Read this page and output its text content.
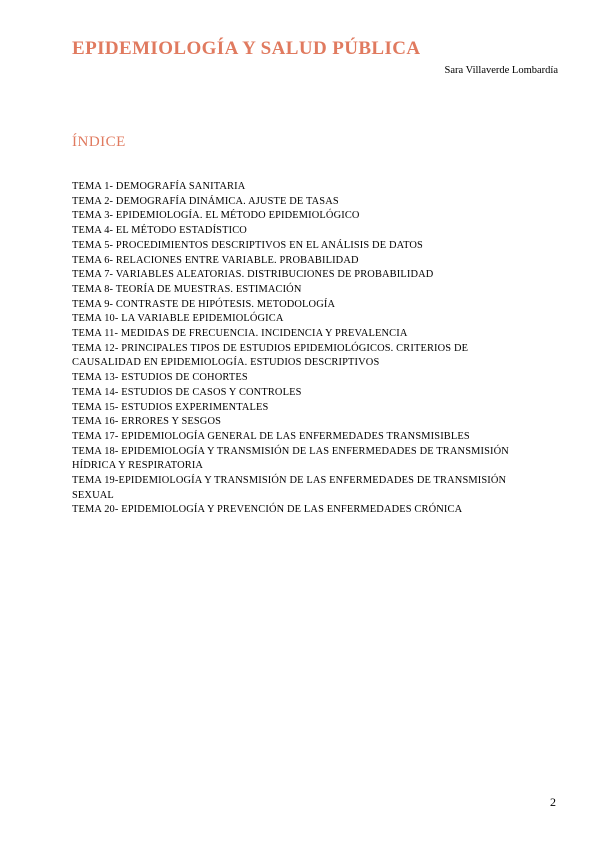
EPIDEMIOLOGÍA Y SALUD PÚBLICA
Sara Villaverde Lombardía
ÍNDICE
TEMA 1- DEMOGRAFÍA SANITARIA
TEMA 2- DEMOGRAFÍA DINÁMICA. AJUSTE DE TASAS
TEMA 3- EPIDEMIOLOGÍA. EL MÉTODO EPIDEMIOLÓGICO
TEMA 4- EL MÉTODO ESTADÍSTICO
TEMA 5- PROCEDIMIENTOS DESCRIPTIVOS EN EL ANÁLISIS DE DATOS
TEMA 6- RELACIONES ENTRE VARIABLE. PROBABILIDAD
TEMA 7- VARIABLES ALEATORIAS. DISTRIBUCIONES DE PROBABILIDAD
TEMA 8- TEORÍA DE MUESTRAS. ESTIMACIÓN
TEMA 9- CONTRASTE DE HIPÓTESIS. METODOLOGÍA
TEMA 10- LA VARIABLE EPIDEMIOLÓGICA
TEMA 11- MEDIDAS DE FRECUENCIA. INCIDENCIA Y PREVALENCIA
TEMA 12- PRINCIPALES TIPOS DE ESTUDIOS EPIDEMIOLÓGICOS. CRITERIOS DE CAUSALIDAD EN EPIDEMIOLOGÍA. ESTUDIOS DESCRIPTIVOS
TEMA 13- ESTUDIOS DE COHORTES
TEMA 14- ESTUDIOS DE CASOS Y CONTROLES
TEMA 15- ESTUDIOS EXPERIMENTALES
TEMA 16- ERRORES Y SESGOS
TEMA 17- EPIDEMIOLOGÍA GENERAL DE LAS ENFERMEDADES TRANSMISIBLES
TEMA 18- EPIDEMIOLOGÍA Y TRANSMISIÓN DE LAS ENFERMEDADES DE TRANSMISIÓN HÍDRICA Y RESPIRATORIA
TEMA 19-EPIDEMIOLOGÍA Y TRANSMISIÓN DE LAS ENFERMEDADES DE TRANSMISIÓN SEXUAL
TEMA 20- EPIDEMIOLOGÍA Y PREVENCIÓN DE LAS ENFERMEDADES CRÓNICA
2
